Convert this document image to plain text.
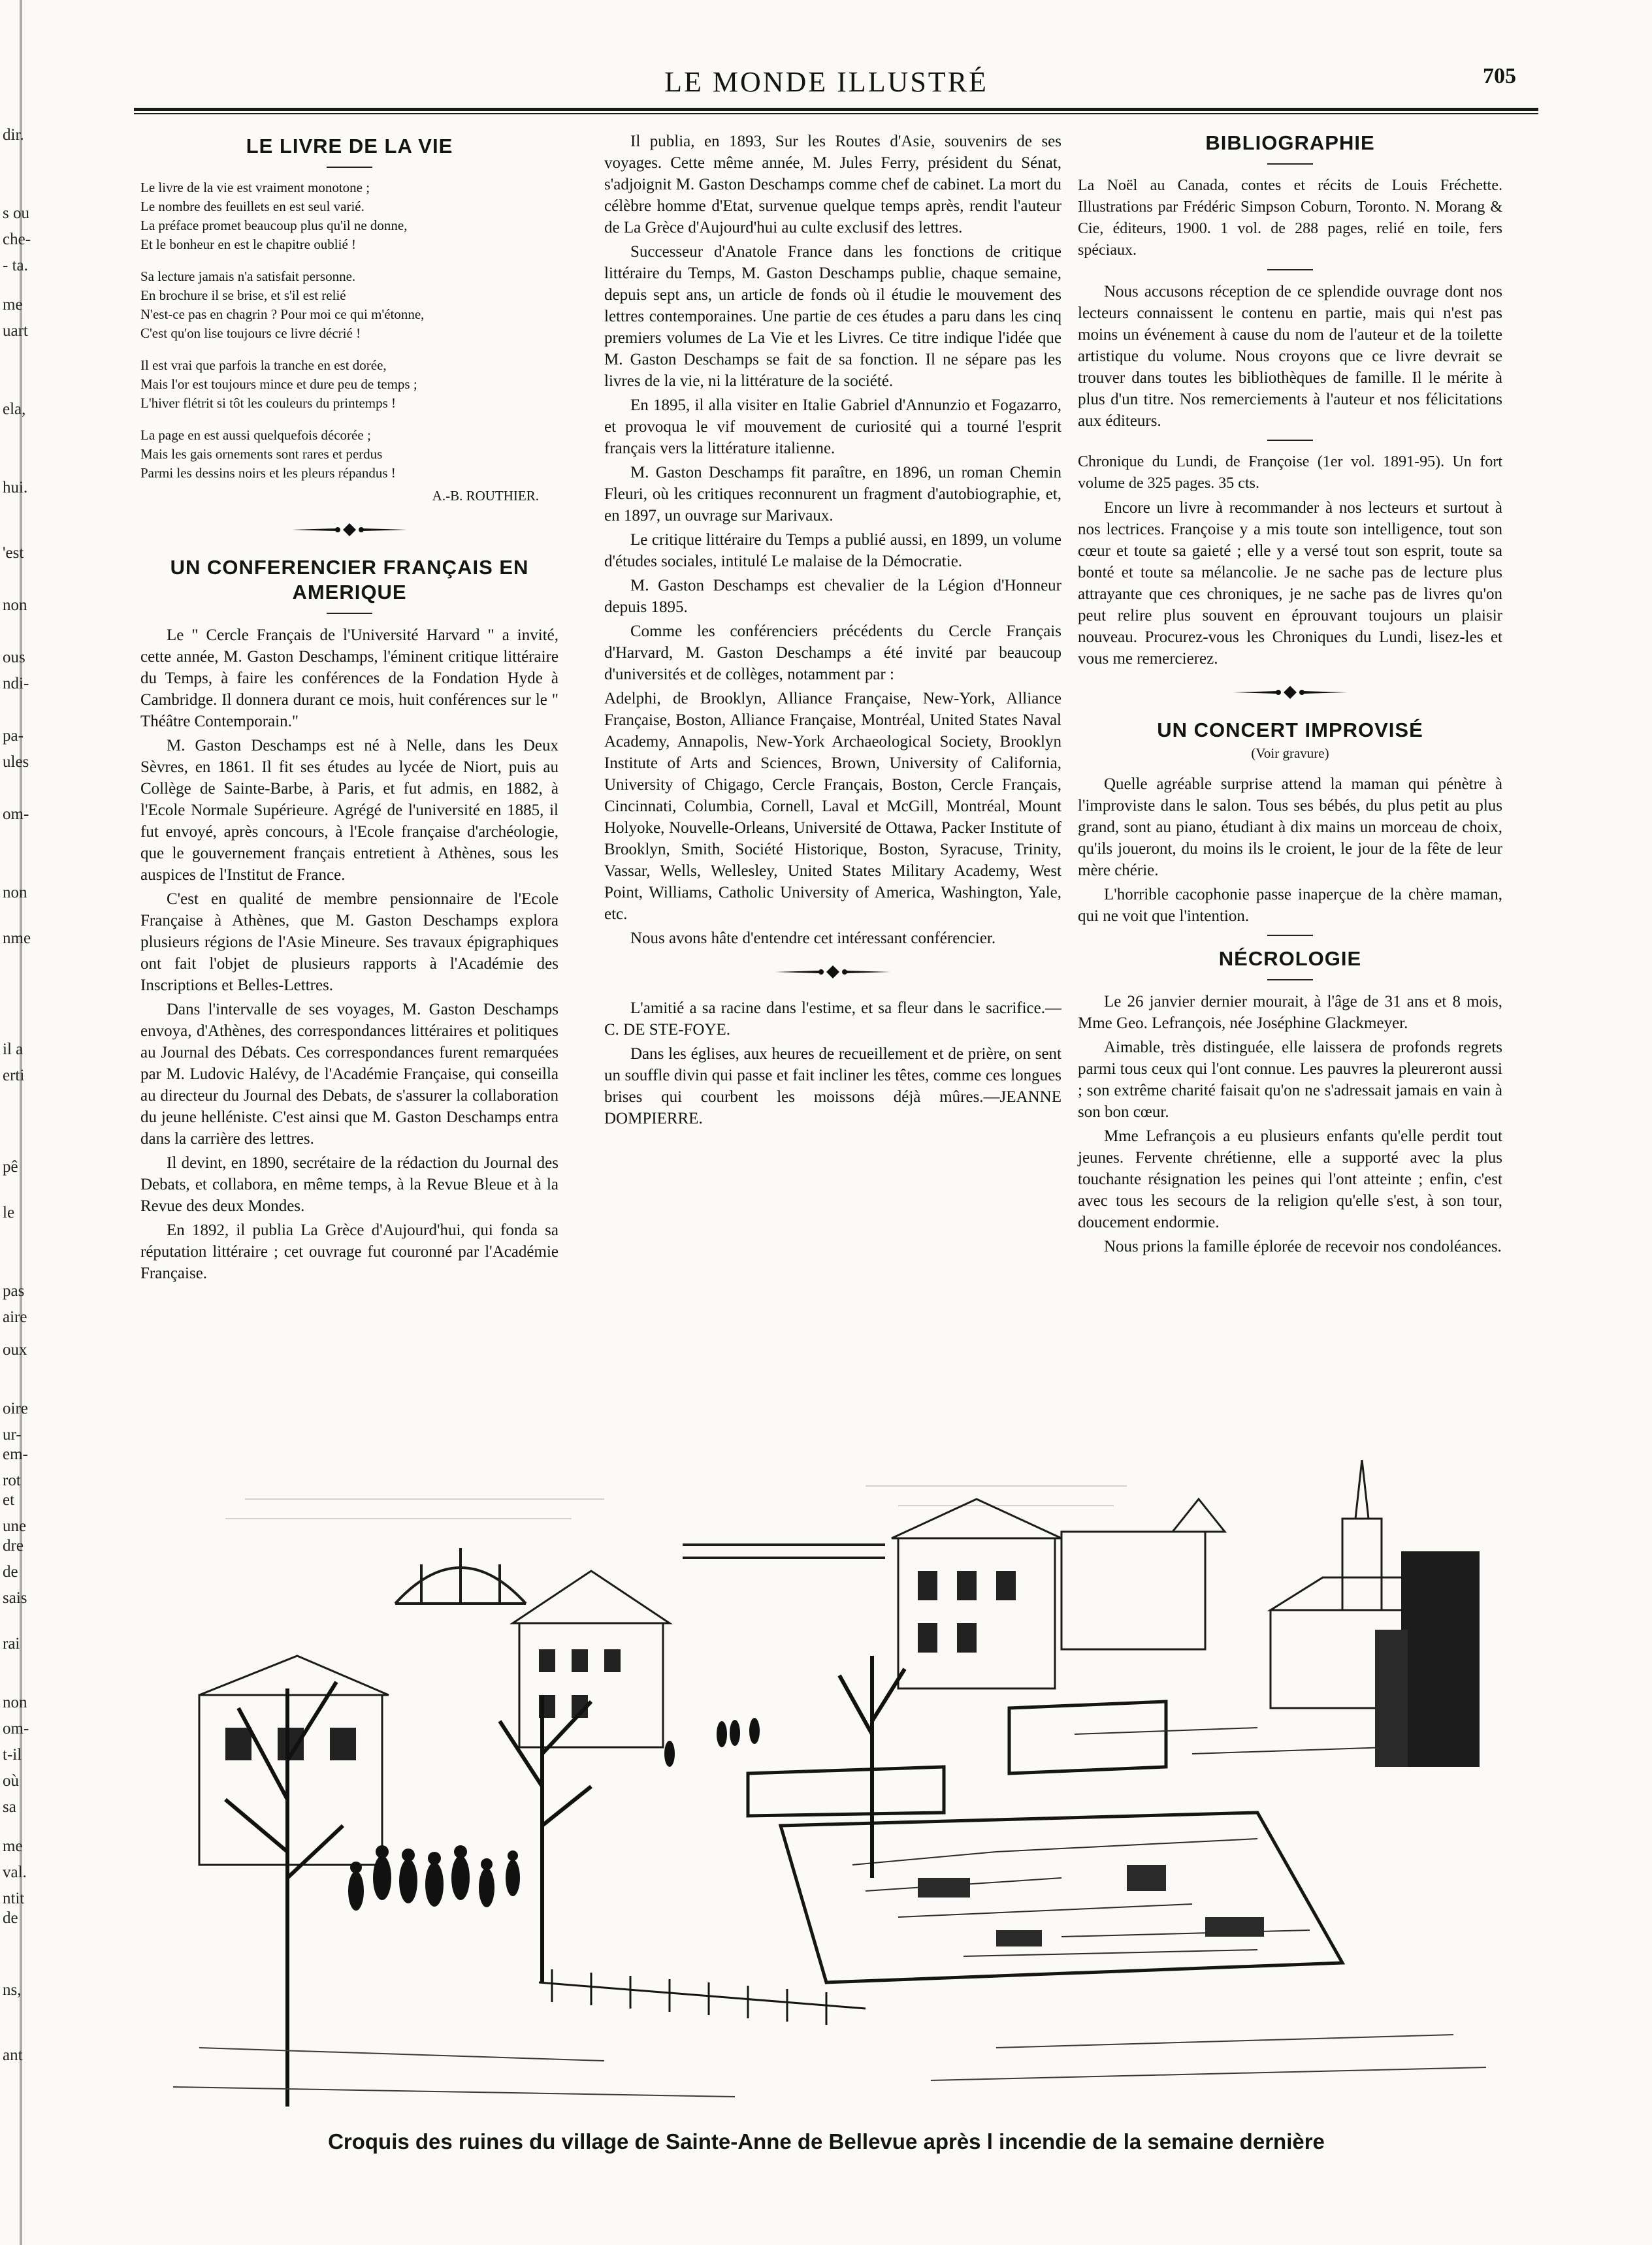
dir.
s ou
che-
- ta.
me
uart
ela,
hui.
'est
non
ous
ndi-
pa-
ules
om-
non
nme
il a
erti
pê
le
pas
aire
oux
oire
ur-
em-
rot
et
une
dre
de
sais
rai
non
om-
t-il
où
sa
me
val.
ntit
de
ns,
ant
LE MONDE ILLUSTRÉ	705
LE LIVRE DE LA VIE
Le livre de la vie est vraiment monotone ;
Le nombre des feuillets en est seul varié.
La préface promet beaucoup plus qu'il ne donne,
Et le bonheur en est le chapitre oublié !
Sa lecture jamais n'a satisfait personne.
En brochure il se brise, et s'il est relié
N'est-ce pas en chagrin ? Pour moi ce qui m'étonne,
C'est qu'on lise toujours ce livre décrié !
Il est vrai que parfois la tranche en est dorée,
Mais l'or est toujours mince et dure peu de temps ;
L'hiver flétrit si tôt les couleurs du printemps !
La page en est aussi quelquefois décorée ;
Mais les gais ornements sont rares et perdus
Parmi les dessins noirs et les pleurs répandus !
A.-B. ROUTHIER.
UN CONFERENCIER FRANÇAIS EN AMERIQUE

Le " Cercle Français de l'Université Harvard " a invité, cette année, M. Gaston Deschamps, l'éminent critique littéraire du Temps, à faire les conférences de la Fondation Hyde à Cambridge. Il donnera durant ce mois, huit conférences sur le " Théâtre Contemporain."

M. Gaston Deschamps est né à Nelle, dans les Deux Sèvres, en 1861. Il fit ses études au lycée de Niort, puis au Collège de Sainte-Barbe, à Paris, et fut admis, en 1882, à l'Ecole Normale Supérieure. Agrégé de l'université en 1885, il fut envoyé, après concours, à l'Ecole française d'archéologie, que le gouvernement français entretient à Athènes, sous les auspices de l'Institut de France.

C'est en qualité de membre pensionnaire de l'Ecole Française à Athènes, que M. Gaston Deschamps explora plusieurs régions de l'Asie Mineure. Ses travaux épigraphiques ont fait l'objet de plusieurs rapports à l'Académie des Inscriptions et Belles-Lettres.

Dans l'intervalle de ses voyages, M. Gaston Deschamps envoya, d'Athènes, des correspondances littéraires et politiques au Journal des Débats. Ces correspondances furent remarquées par M. Ludovic Halévy, de l'Académie Française, qui conseilla au directeur du Journal des Debats, de s'assurer la collaboration du jeune helléniste. C'est ainsi que M. Gaston Deschamps entra dans la carrière des lettres.

Il devint, en 1890, secrétaire de la rédaction du Journal des Debats, et collabora, en même temps, à la Revue Bleue et à la Revue des deux Mondes.

En 1892, il publia La Grèce d'Aujourd'hui, qui fonda sa réputation littéraire ; cet ouvrage fut couronné par l'Académie Française.

Il publia, en 1893, Sur les Routes d'Asie, souvenirs de ses voyages. Cette même année, M. Jules Ferry, président du Sénat, s'adjoignit M. Gaston Deschamps comme chef de cabinet. La mort du célèbre homme d'Etat, survenue quelque temps après, rendit l'auteur de La Grèce d'Aujourd'hui au culte exclusif des lettres.

Successeur d'Anatole France dans les fonctions de critique littéraire du Temps, M. Gaston Deschamps publie, chaque semaine, depuis sept ans, un article de fonds où il étudie le mouvement des lettres contemporaines. Une partie de ces études a paru dans les cinq premiers volumes de La Vie et les Livres. Ce titre indique l'idée que M. Gaston Deschamps se fait de sa fonction. Il ne sépare pas les livres de la vie, ni la littérature de la société.

En 1895, il alla visiter en Italie Gabriel d'Annunzio et Fogazarro, et provoqua le vif mouvement de curiosité qui a tourné l'esprit français vers la littérature italienne.

M. Gaston Deschamps fit paraître, en 1896, un roman Chemin Fleuri, où les critiques reconnurent un fragment d'autobiographie, et, en 1897, un ouvrage sur Marivaux.

Le critique littéraire du Temps a publié aussi, en 1899, un volume d'études sociales, intitulé Le malaise de la Démocratie.

M. Gaston Deschamps est chevalier de la Légion d'Honneur depuis 1895.

Comme les conférenciers précédents du Cercle Français d'Harvard, M. Gaston Deschamps a été invité par beaucoup d'universités et de collèges, notamment par :

Adelphi, de Brooklyn, Alliance Française, New-York, Alliance Française, Boston, Alliance Française, Montréal, United States Naval Academy, Annapolis, New-York Archaeological Society, Brooklyn Institute of Arts and Sciences, Brown, University of California, University of Chigago, Cercle Français, Boston, Cercle Français, Cincinnati, Columbia, Cornell, Laval et McGill, Montréal, Mount Holyoke, Nouvelle-Orleans, Université de Ottawa, Packer Institute of Brooklyn, Smith, Société Historique, Boston, Syracuse, Trinity, Vassar, Wells, Wellesley, United States Military Academy, West Point, Williams, Catholic University of America, Washington, Yale, etc.

Nous avons hâte d'entendre cet intéressant conférencier.

L'amitié a sa racine dans l'estime, et sa fleur dans le sacrifice.—C. DE STE-FOYE.

Dans les églises, aux heures de recueillement et de prière, on sent un souffle divin qui passe et fait incliner les têtes, comme ces longues brises qui courbent les moissons déjà mûres.—JEANNE DOMPIERRE.

BIBLIOGRAPHIE

La Noël au Canada, contes et récits de Louis Fréchette. Illustrations par Frédéric Simpson Coburn, Toronto. N. Morang & Cie, éditeurs, 1900. 1 vol. de 288 pages, relié en toile, fers spéciaux.

Nous accusons réception de ce splendide ouvrage dont nos lecteurs connaissent le contenu en partie, mais qui n'est pas moins un événement à cause du nom de l'auteur et de la toilette artistique du volume. Nous croyons que ce livre devrait se trouver dans toutes les bibliothèques de famille. Il le mérite à plus d'un titre. Nos remerciements à l'auteur et nos félicitations aux éditeurs.

Chronique du Lundi, de Françoise (1er vol. 1891-95). Un fort volume de 325 pages. 35 cts.

Encore un livre à recommander à nos lecteurs et surtout à nos lectrices. Françoise y a mis toute son intelligence, tout son cœur et toute sa gaieté ; elle y a versé tout son esprit, toute sa bonté et toute sa mélancolie. Je ne sache pas de lecture plus attrayante que ces chroniques, je ne sache pas de livres qu'on peut relire plus souvent en éprouvant toujours un plaisir nouveau. Procurez-vous les Chroniques du Lundi, lisez-les et vous me remercierez.

UN CONCERT IMPROVISÉ
(Voir gravure)

Quelle agréable surprise attend la maman qui pénètre à l'improviste dans le salon. Tous ses bébés, du plus petit au plus grand, sont au piano, étudiant à dix mains un morceau de choix, qu'ils joueront, du moins ils le croient, le jour de la fête de leur mère chérie.

L'horrible cacophonie passe inaperçue de la chère maman, qui ne voit que l'intention.

NÉCROLOGIE

Le 26 janvier dernier mourait, à l'âge de 31 ans et 8 mois, Mme Geo. Lefrançois, née Joséphine Glackmeyer.

Aimable, très distinguée, elle laissera de profonds regrets parmi tous ceux qui l'ont connue. Les pauvres la pleureront aussi ; son extrême charité faisait qu'on ne s'adressait jamais en vain à son bon cœur.

Mme Lefrançois a eu plusieurs enfants qu'elle perdit tout jeunes. Fervente chrétienne, elle a supporté avec la plus touchante résignation les peines qui l'ont atteinte ; enfin, c'est avec tous les secours de la religion qu'elle s'est, à son tour, doucement endormie.

Nous prions la famille éplorée de recevoir nos condoléances.

Croquis des ruines du village de Sainte-Anne de Bellevue après l incendie de la semaine dernière
